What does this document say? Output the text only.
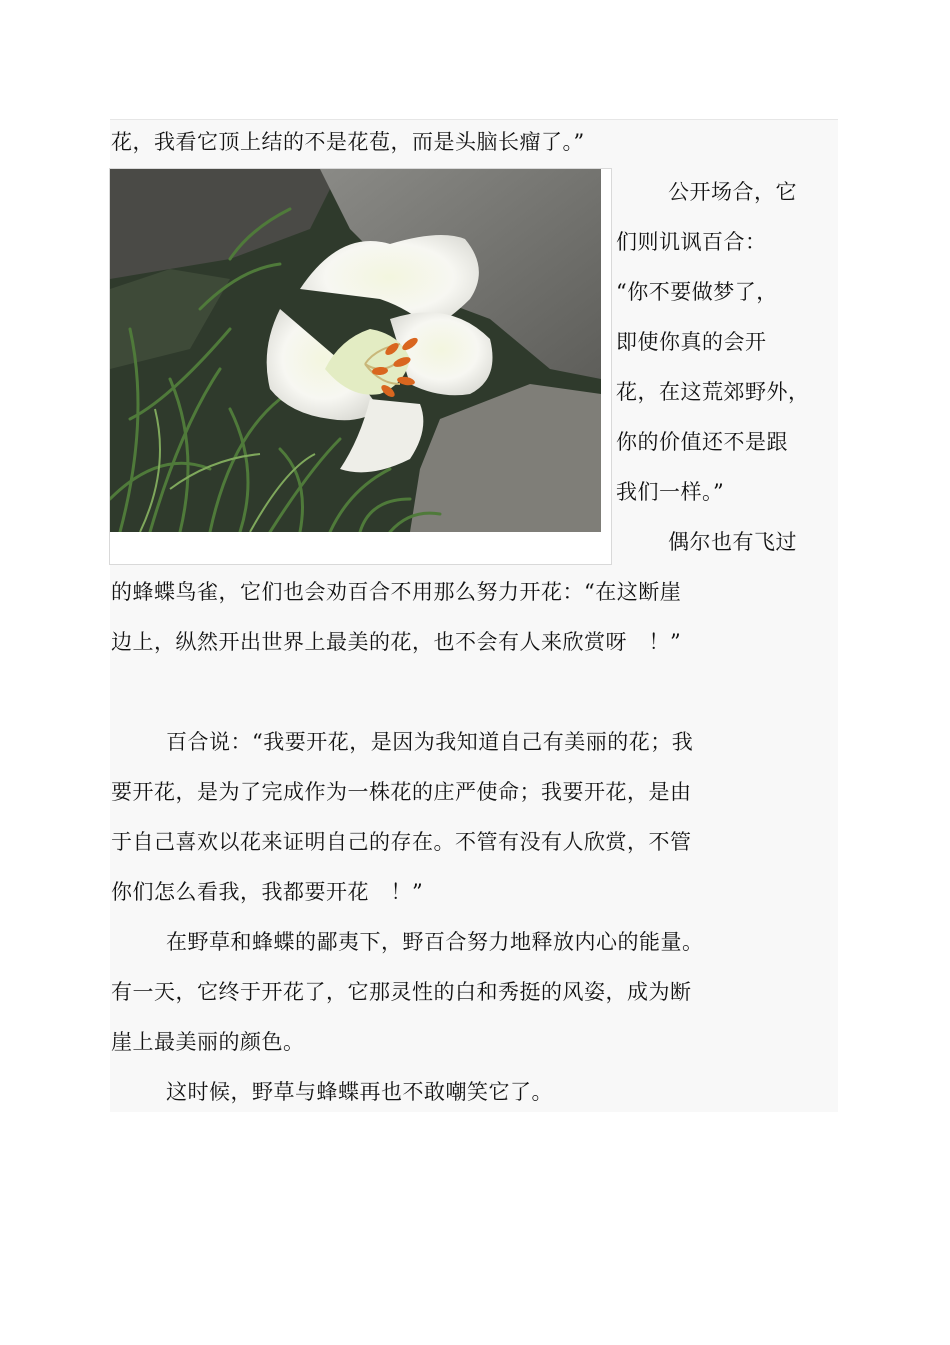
花，我看它顶上结的不是花苞，而是头脑长瘤了。”
公开场合，它
们则讥讽百合：
“你不要做梦了，
即使你真的会开
花，在这荒郊野外，
你的价值还不是跟
我们一样。”
偶尔也有飞过
的蜂蝶鸟雀，它们也会劝百合不用那么努力开花：“在这断崖
边上，纵然开出世界上最美的花，也不会有人来欣赏呀　！”
百合说：“我要开花，是因为我知道自己有美丽的花；我
要开花，是为了完成作为一株花的庄严使命；我要开花，是由
于自己喜欢以花来证明自己的存在。不管有没有人欣赏，不管
你们怎么看我，我都要开花　！”
在野草和蜂蝶的鄙夷下，野百合努力地释放内心的能量。
有一天，它终于开花了，它那灵性的白和秀挺的风姿，成为断
崖上最美丽的颜色。
这时候，野草与蜂蝶再也不敢嘲笑它了。
